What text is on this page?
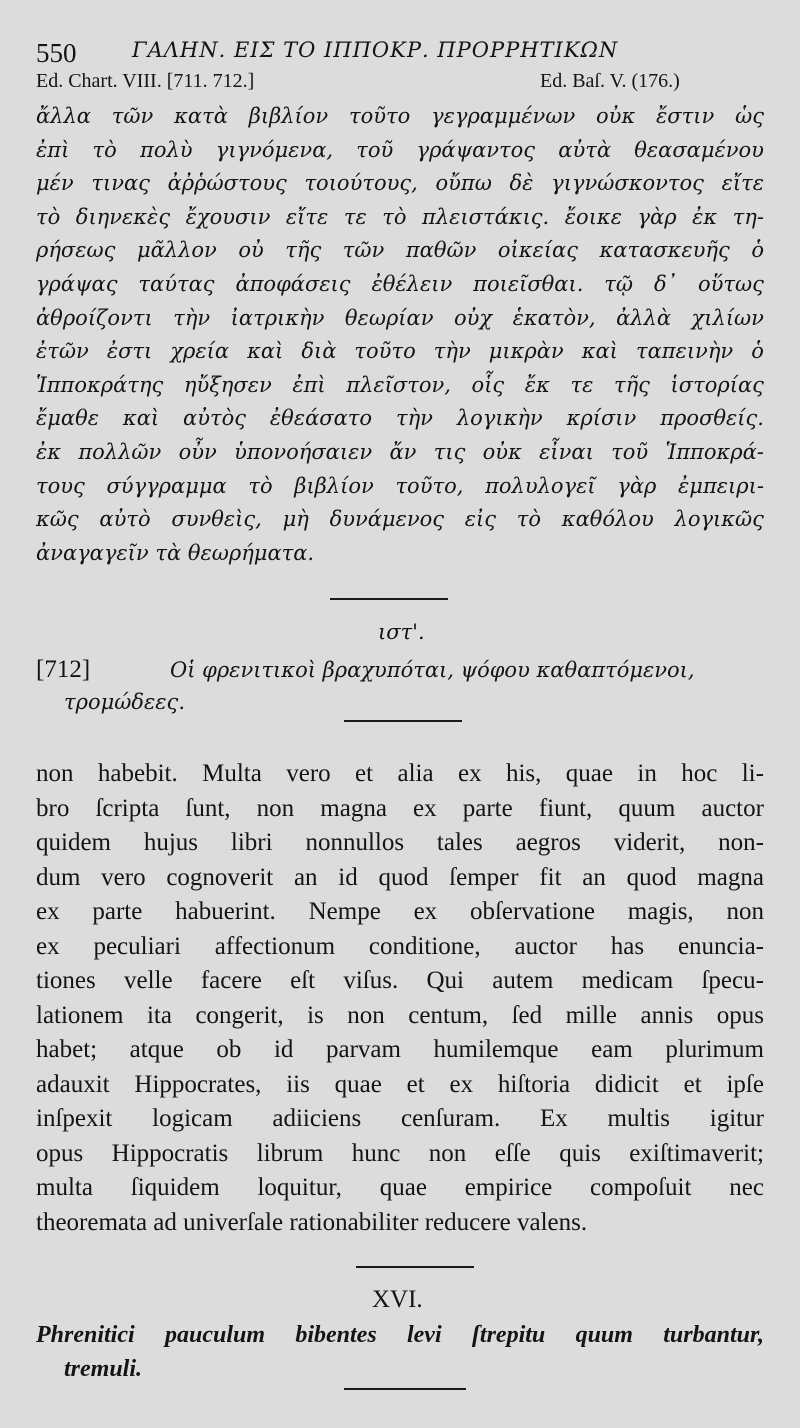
550	ΓΑΛΗΝ. ΕΙΣ ΤΟ ΙΠΠΟΚΡ. ΠΡΟΡΡΗΤΙΚΩΝ
Ed. Chart. VIII. [711. 712.]	Ed. Baſ. V. (176.)
ἄλλα τῶν κατὰ βιβλίον τοῦτο γεγραμμένων οὐκ ἔστιν ὡς
ἐπὶ τὸ πολὺ γιγνόμενα, τοῦ γράψαντος αὐτὰ θεασαμένου
μέν τινας ἀῤῥώστους τοιούτους, οὔπω δὲ γιγνώσκοντος εἴτε
τὸ διηνεκὲς ἔχουσιν εἴτε τε τὸ πλειστάκις. ἔοικε γὰρ ἐκ τη-
ρήσεως μᾶλλον οὐ τῆς τῶν παθῶν οἰκείας κατασκευῆς ὁ
γράψας ταύτας ἀποφάσεις ἐθέλειν ποιεῖσθαι. τῷ δ᾽ οὕτως
ἀθροίζοντι τὴν ἰατρικὴν θεωρίαν οὐχ ἑκατὸν, ἀλλὰ χιλίων
ἐτῶν ἐστι χρεία καὶ διὰ τοῦτο τὴν μικρὰν καὶ ταπεινὴν ὁ
Ἱπποκράτης ηὔξησεν ἐπὶ πλεῖστον, οἷς ἔκ τε τῆς ἱστορίας
ἔμαθε καὶ αὐτὸς ἐθεάσατο τὴν λογικὴν κρίσιν προσθείς.
ἐκ πολλῶν οὖν ὑπονοήσαιεν ἄν τις οὐκ εἶναι τοῦ Ἱπποκρά-
τους σύγγραμμα τὸ βιβλίον τοῦτο, πολυλογεῖ γὰρ ἐμπειρι-
κῶς αὐτὸ συνθεὶς, μὴ δυνάμενος εἰς τὸ καθόλου λογικῶς
ἀναγαγεῖν τὰ θεωρήματα.
ιστ'.
[712]	Οἱ φρενιτικοὶ βραχυπόται, ψόφου καθαπτόμενοι,
τρομώδεες.
non habebit. Multa vero et alia ex his, quae in hoc li-
bro ſcripta ſunt, non magna ex parte fiunt, quum auctor
quidem hujus libri nonnullos tales aegros viderit, non-
dum vero cognoverit an id quod ſemper fit an quod magna
ex parte habuerint. Nempe ex obſervatione magis, non
ex peculiari affectionum conditione, auctor has enuncia-
tiones velle facere eſt viſus. Qui autem medicam ſpecu-
lationem ita congerit, is non centum, ſed mille annis opus
habet; atque ob id parvam humilemque eam plurimum
adauxit Hippocrates, iis quae et ex hiſtoria didicit et ipſe
inſpexit logicam adiiciens cenſuram. Ex multis igitur
opus Hippocratis librum hunc non eſſe quis exiſtimaverit;
multa ſiquidem loquitur, quae empirice compoſuit nec
theoremata ad univerſale rationabiliter reducere valens.
XVI.
Phrenitici pauculum bibentes levi ſtrepitu quum turbantur,
tremuli.
